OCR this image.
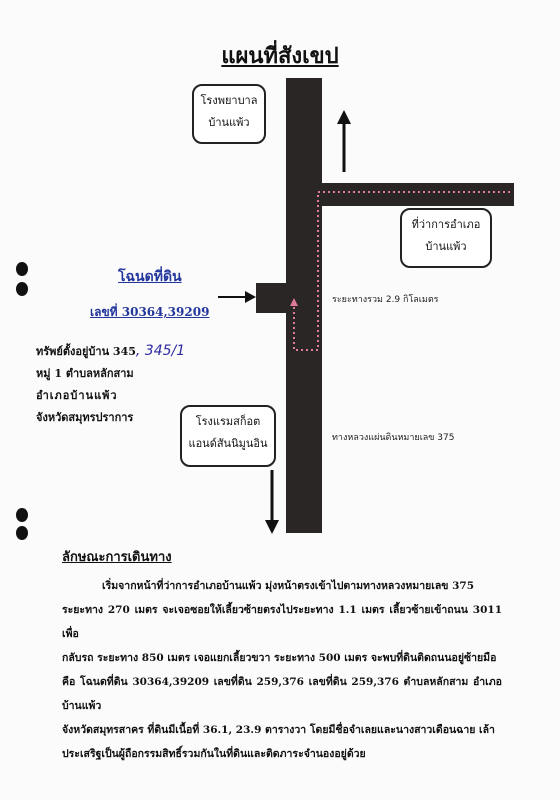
แผนที่สังเขป
โรงพยาบาล
บ้านแพ้ว
ที่ว่าการอำเภอ
บ้านแพ้ว
โรงแรมสก็อต
แอนด์สันนิมูนอิน
โฉนดที่ดิน
เลขที่ 30364,39209
ทรัพย์ตั้งอยู่บ้าน 345, 345/1
หมู่ 1 ตำบลหลักสาม
อำเภอบ้านแพ้ว
จังหวัดสมุทรปราการ
ระยะทางรวม 2.9 กิโลเมตร
ทางหลวงแผ่นดินหมายเลข 375
ลักษณะการเดินทาง

เริ่มจากหน้าที่ว่าการอำเภอบ้านแพ้ว มุ่งหน้าตรงเข้าไปตามทางหลวงหมายเลข 375

ระยะทาง 270 เมตร จะเจอซอยให้เลี้ยวซ้ายตรงไประยะทาง 1.1 เมตร เลี้ยวซ้ายเข้าถนน 3011 เพื่อ

กลับรถ ระยะทาง 850 เมตร เจอแยกเลี้ยวขวา ระยะทาง 500 เมตร จะพบที่ดินติดถนนอยู่ซ้ายมือ

คือ โฉนดที่ดิน 30364,39209 เลขที่ดิน 259,376 เลขที่ดิน 259,376 ตำบลหลักสาม อำเภอบ้านแพ้ว

จังหวัดสมุทรสาคร ที่ดินมีเนื้อที่ 36.1, 23.9 ตารางวา โดยมีชื่อจำเลยและนางสาวเดือนฉาย เล้า

ประเสริฐเป็นผู้ถือกรรมสิทธิ์รวมกันในที่ดินและติดภาระจำนองอยู่ด้วย
